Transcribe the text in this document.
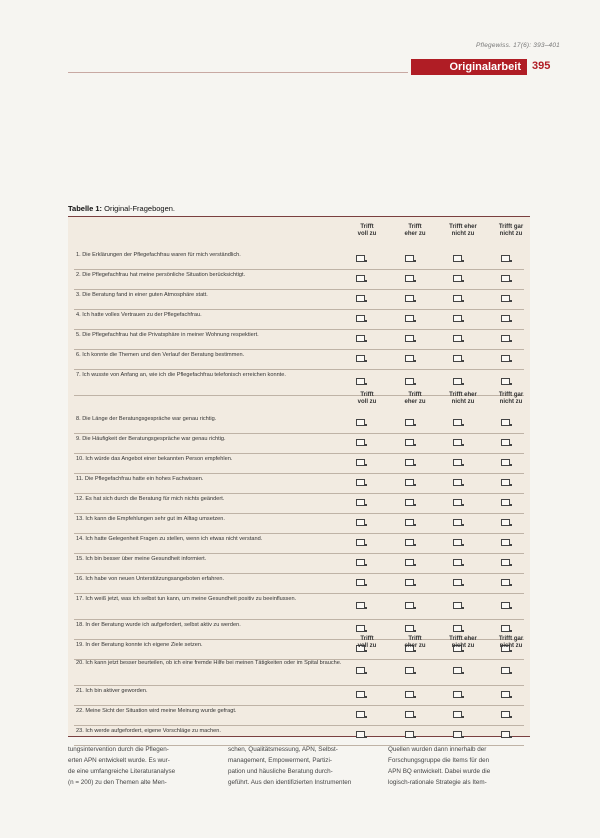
Pflegewiss. 17(6): 393–401
Originalarbeit	395
Tabelle 1: Original-Fragebogen.
Trifft
voll zu
Trifft
eher zu
Trifft eher
nicht zu
Trifft gar
nicht zu
1. Die Erklärungen der Pflegefachfrau waren für mich verständlich.
2. Die Pflegefachfrau hat meine persönliche Situation berücksichtigt.
3. Die Beratung fand in einer guten Atmosphäre statt.
4. Ich hatte volles Vertrauen zu der Pflegefachfrau.
5. Die Pflegefachfrau hat die Privatsphäre in meiner Wohnung respektiert.
6. Ich konnte die Themen und den Verlauf der Beratung bestimmen.
7. Ich wusste von Anfang an, wie ich die Pflegefachfrau telefonisch erreichen konnte.
Trifft
voll zu
Trifft
eher zu
Trifft eher
nicht zu
Trifft gar
nicht zu
8. Die Länge der Beratungsgespräche war genau richtig.
9. Die Häufigkeit der Beratungsgespräche war genau richtig.
10. Ich würde das Angebot einer bekannten Person empfehlen.
11. Die Pflegefachfrau hatte ein hohes Fachwissen.
12. Es hat sich durch die Beratung für mich nichts geändert.
13. Ich kann die Empfehlungen sehr gut im Alltag umsetzen.
14. Ich hatte Gelegenheit Fragen zu stellen, wenn ich etwas nicht verstand.
15. Ich bin besser über meine Gesundheit informiert.
16. Ich habe von neuen Unterstützungsangeboten erfahren.
17. Ich weiß jetzt, was ich selbst tun kann, um meine Gesundheit positiv zu beeinflussen.
18. In der Beratung wurde ich aufgefordert, selbst aktiv zu werden.
19. In der Beratung konnte ich eigene Ziele setzen.
Trifft
voll zu
Trifft
eher zu
Trifft eher
nicht zu
Trifft gar
nicht zu
20. Ich kann jetzt besser beurteilen, ob ich eine fremde Hilfe bei meinen Tätigkeiten oder im Spital brauche.
21. Ich bin aktiver geworden.
22. Meine Sicht der Situation wird meine Meinung wurde gefragt.
23. Ich werde aufgefordert, eigene Vorschläge zu machen.
tungsintervention durch die Pflegen-
erten APN entwickelt wurde. Es wur-
de eine umfangreiche Literaturanalyse
(n = 200) zu den Themen alte Men-
schen, Qualitätsmessung, APN, Selbst-
management, Empowerment, Partizi-
pation und häusliche Beratung durch-
geführt. Aus den identifizierten Instrumenten
Quellen wurden dann innerhalb der
Forschungsgruppe die Items für den
APN BQ entwickelt. Dabei wurde die
logisch-rationale Strategie als Item-
